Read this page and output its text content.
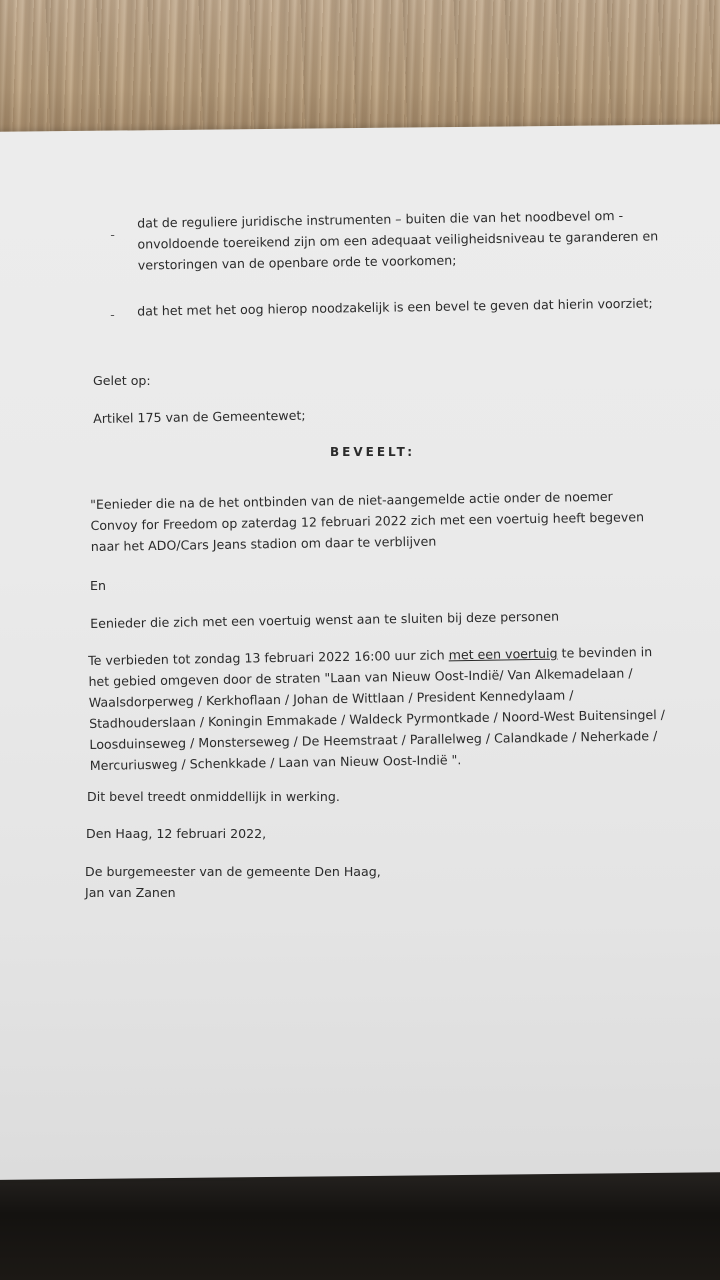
-
dat de reguliere juridische instrumenten – buiten die van het noodbevel om - onvoldoende toereikend zijn om een adequaat veiligheidsniveau te garanderen en verstoringen van de openbare orde te voorkomen;
- dat het met het oog hierop noodzakelijk is een bevel te geven dat hierin voorziet;
Gelet op:
Artikel 175 van de Gemeentewet;
BEVEELT:
"Eenieder die na de het ontbinden van de niet-aangemelde actie onder de noemer Convoy for Freedom op zaterdag 12 februari 2022 zich met een voertuig heeft begeven naar het ADO/Cars Jeans stadion om daar te verblijven
En
Eenieder die zich met een voertuig wenst aan te sluiten bij deze personen
Te verbieden tot zondag 13 februari 2022 16:00 uur zich met een voertuig te bevinden in het gebied omgeven door de straten "Laan van Nieuw Oost-Indië/ Van Alkemadelaan / Waalsdorperweg / Kerkhoflaan / Johan de Wittlaan / President Kennedylaam / Stadhouderslaan / Koningin Emmakade / Waldeck Pyrmontkade / Noord-West Buitensingel / Loosduinseweg / Monsterseweg / De Heemstraat / Parallelweg / Calandkade / Neherkade / Mercuriusweg / Schenkkade / Laan van Nieuw Oost-Indië ".
Dit bevel treedt onmiddellijk in werking.
Den Haag, 12 februari 2022,
De burgemeester van de gemeente Den Haag,
Jan van Zanen
